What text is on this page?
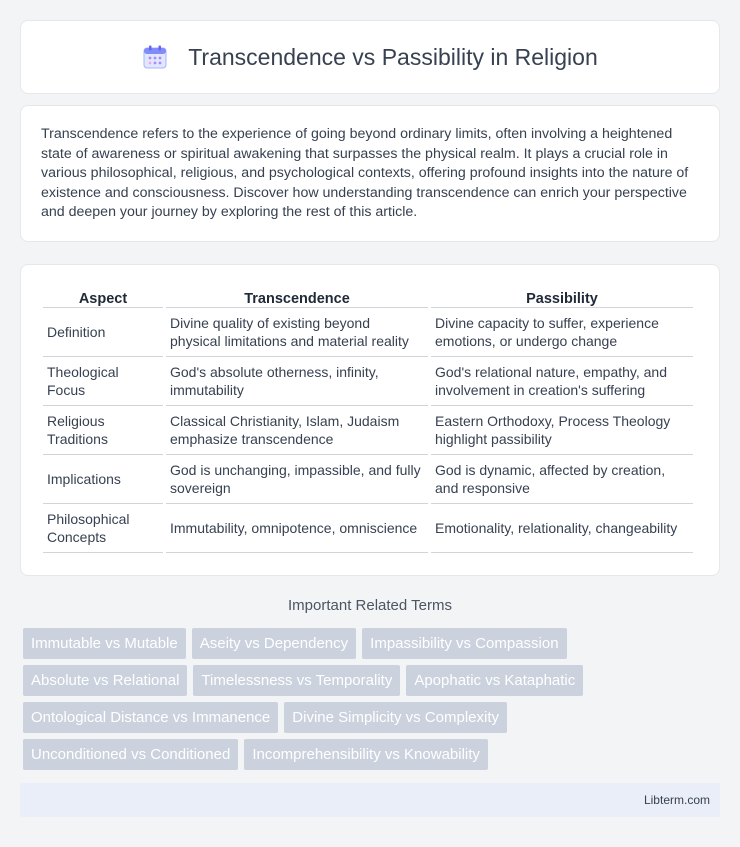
Transcendence vs Passibility in Religion

Transcendence refers to the experience of going beyond ordinary limits, often involving a heightened state of awareness or spiritual awakening that surpasses the physical realm. It plays a crucial role in various philosophical, religious, and psychological contexts, offering profound insights into the nature of existence and consciousness. Discover how understanding transcendence can enrich your perspective and deepen your journey by exploring the rest of this article.

Aspect	Transcendence	Passibility
Definition	Divine quality of existing beyond physical limitations and material reality	Divine capacity to suffer, experience emotions, or undergo change
Theological Focus	God's absolute otherness, infinity, immutability	God's relational nature, empathy, and involvement in creation's suffering
Religious Traditions	Classical Christianity, Islam, Judaism emphasize transcendence	Eastern Orthodoxy, Process Theology highlight passibility
Implications	God is unchanging, impassible, and fully sovereign	God is dynamic, affected by creation, and responsive
Philosophical Concepts	Immutability, omnipotence, omniscience	Emotionality, relationality, changeability
Important Related Terms
Immutable vs Mutable	Aseity vs Dependency	Impassibility vs Compassion
Absolute vs Relational	Timelessness vs Temporality	Apophatic vs Kataphatic
Ontological Distance vs Immanence	Divine Simplicity vs Complexity
Unconditioned vs Conditioned	Incomprehensibility vs Knowability
Libterm.com
